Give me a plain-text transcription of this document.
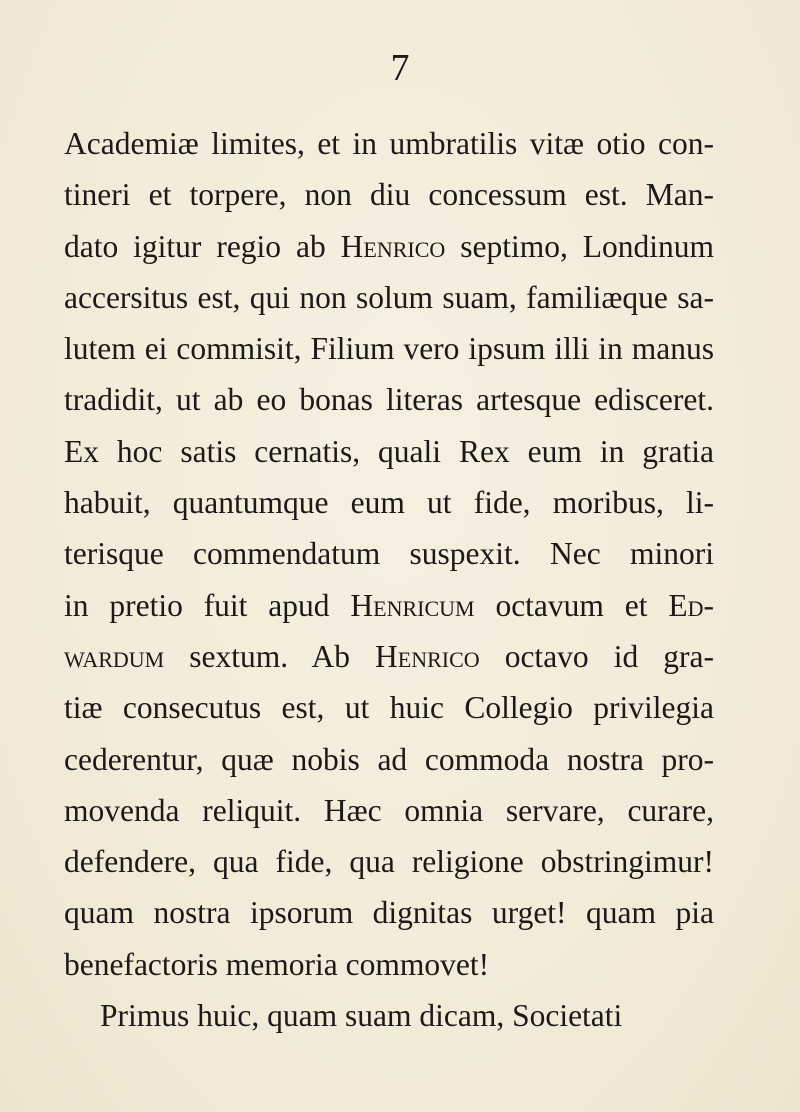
7
Academiæ limites, et in umbratilis vitæ otio con-
tineri et torpere, non diu concessum est. Man-
dato igitur regio ab Henrico septimo, Londinum
accersitus est, qui non solum suam, familiæque sa-
lutem ei commisit, Filium vero ipsum illi in manus
tradidit, ut ab eo bonas literas artesque edisceret.
Ex hoc satis cernatis, quali Rex eum in gratia
habuit, quantumque eum ut fide, moribus, li-
terisque commendatum suspexit. Nec minori
in pretio fuit apud Henricum octavum et Ed-
wardum sextum. Ab Henrico octavo id gra-
tiæ consecutus est, ut huic Collegio privilegia
cederentur, quæ nobis ad commoda nostra pro-
movenda reliquit. Hæc omnia servare, curare,
defendere, qua fide, qua religione obstringimur!
quam nostra ipsorum dignitas urget! quam pia
benefactoris memoria commovet!
Primus huic, quam suam dicam, Societati
